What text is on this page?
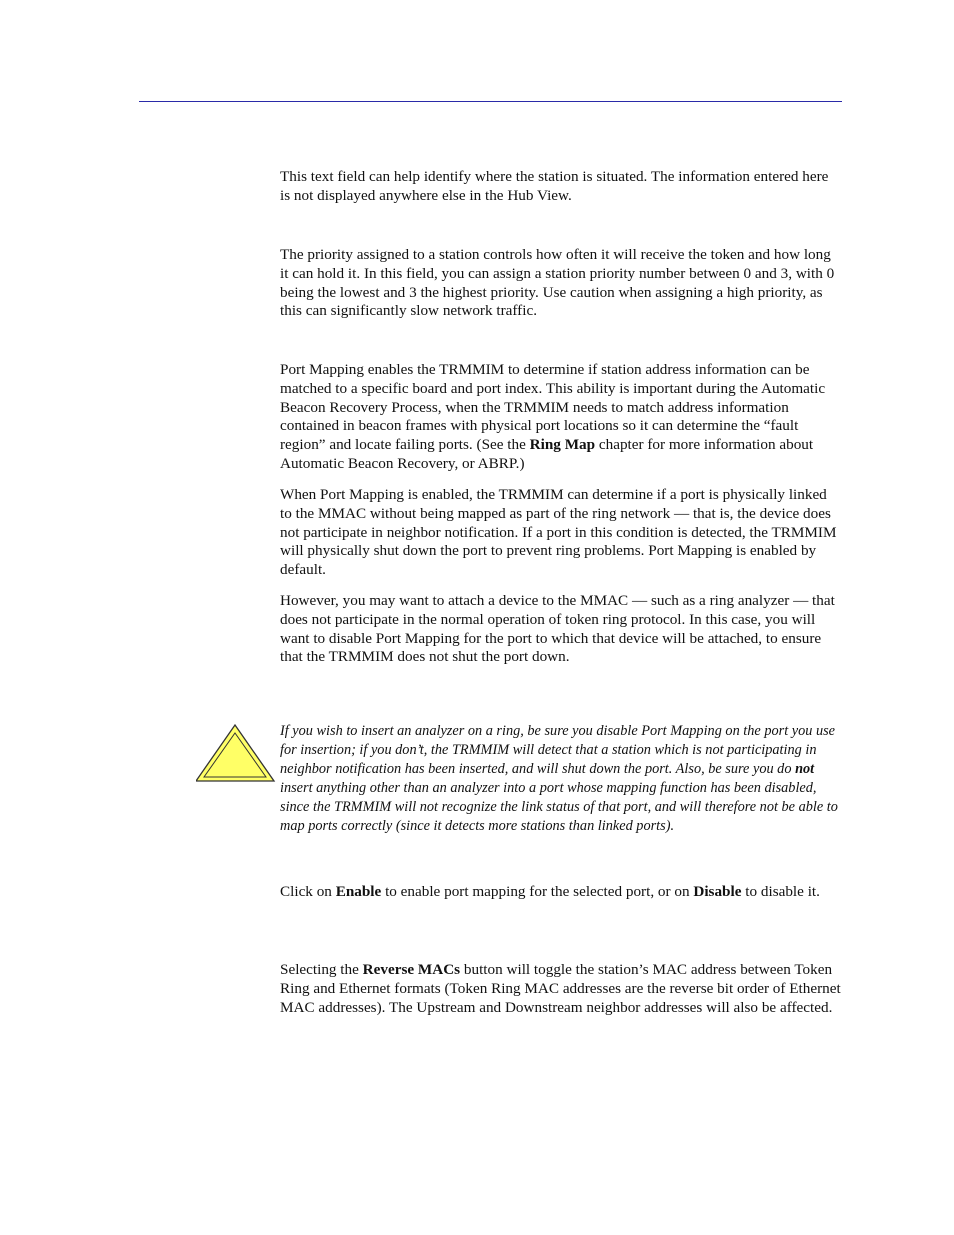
This text field can help identify where the station is situated. The information entered here is not displayed anywhere else in the Hub View.

The priority assigned to a station controls how often it will receive the token and how long it can hold it. In this field, you can assign a station priority number between 0 and 3, with 0 being the lowest and 3 the highest priority. Use caution when assigning a high priority, as this can significantly slow network traffic.

Port Mapping enables the TRMMIM to determine if station address information can be matched to a specific board and port index. This ability is important during the Automatic Beacon Recovery Process, when the TRMMIM needs to match address information contained in beacon frames with physical port locations so it can determine the “fault region” and locate failing ports. (See the Ring Map chapter for more information about Automatic Beacon Recovery, or ABRP.)

When Port Mapping is enabled, the TRMMIM can determine if a port is physically linked to the MMAC without being mapped as part of the ring network — that is, the device does not participate in neighbor notification. If a port in this condition is detected, the TRMMIM will physically shut down the port to prevent ring problems. Port Mapping is enabled by default.

However, you may want to attach a device to the MMAC — such as a ring analyzer — that does not participate in the normal operation of token ring protocol. In this case, you will want to disable Port Mapping for the port to which that device will be attached, to ensure that the TRMMIM does not shut the port down.

If you wish to insert an analyzer on a ring, be sure you disable Port Mapping on the port you use for insertion; if you don’t, the TRMMIM will detect that a station which is not participating in neighbor notification has been inserted, and will shut down the port. Also, be sure you do not insert anything other than an analyzer into a port whose mapping function has been disabled, since the TRMMIM will not recognize the link status of that port, and will therefore not be able to map ports correctly (since it detects more stations than linked ports).

Click on Enable to enable port mapping for the selected port, or on Disable to disable it.

Selecting the Reverse MACs button will toggle the station’s MAC address between Token Ring and Ethernet formats (Token Ring MAC addresses are the reverse bit order of Ethernet MAC addresses). The Upstream and Downstream neighbor addresses will also be affected.
